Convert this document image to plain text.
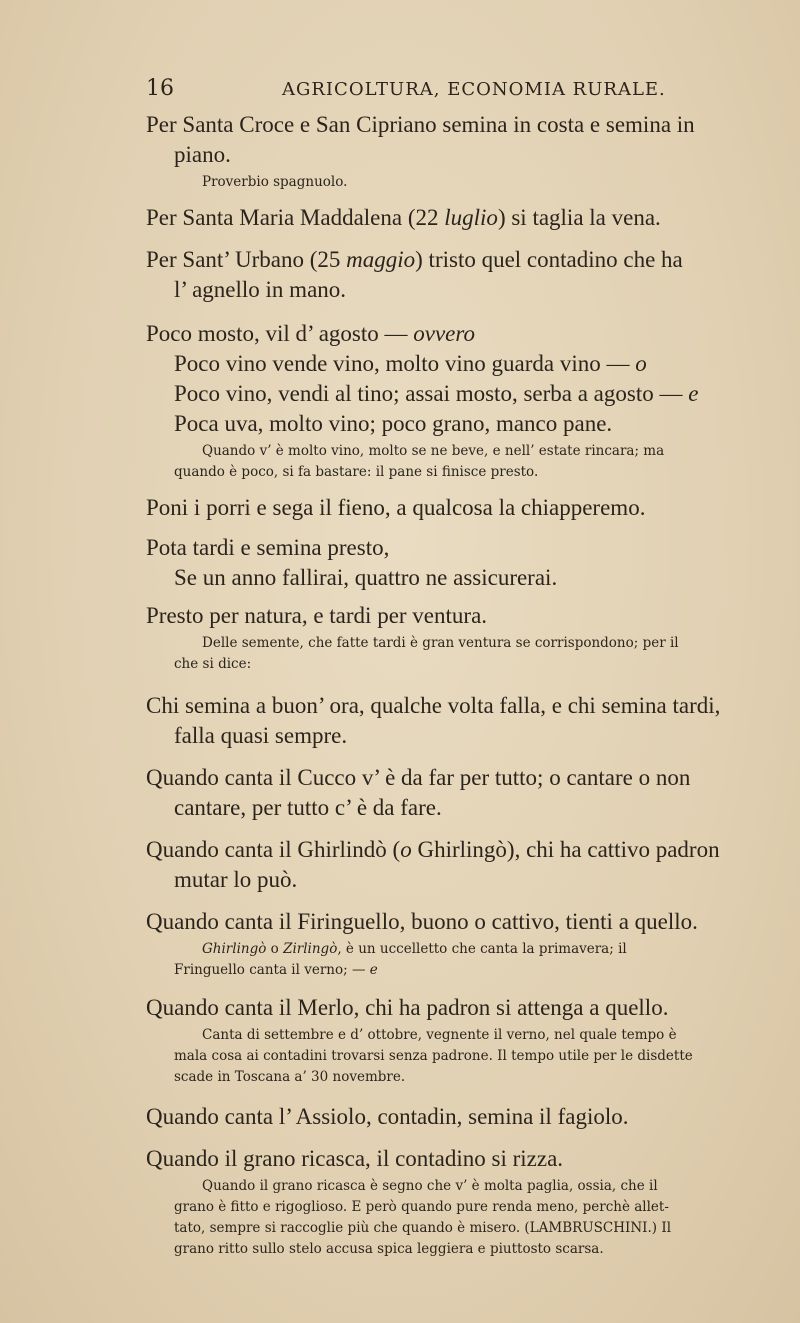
16	AGRICOLTURA, ECONOMIA RURALE.
Per Santa Croce e San Cipriano semina in costa e semina in
piano.
Proverbio spagnuolo.
Per Santa Maria Maddalena (22 luglio) si taglia la vena.
Per Sant’ Urbano (25 maggio) tristo quel contadino che ha
l’ agnello in mano.
Poco mosto, vil d’ agosto — ovvero
Poco vino vende vino, molto vino guarda vino — o
Poco vino, vendi al tino; assai mosto, serba a agosto — e
Poca uva, molto vino; poco grano, manco pane.
Quando v’ è molto vino, molto se ne beve, e nell’ estate rincara; ma
quando è poco, si fa bastare: il pane si finisce presto.
Poni i porri e sega il fieno, a qualcosa la chiapperemo.
Pota tardi e semina presto,
Se un anno fallirai, quattro ne assicurerai.
Presto per natura, e tardi per ventura.
Delle semente, che fatte tardi è gran ventura se corrispondono; per il
che si dice:
Chi semina a buon’ ora, qualche volta falla, e chi semina tardi,
falla quasi sempre.
Quando canta il Cucco v’ è da far per tutto; o cantare o non
cantare, per tutto c’ è da fare.
Quando canta il Ghirlindò (o Ghirlingò), chi ha cattivo padron
mutar lo può.
Quando canta il Firinguello, buono o cattivo, tienti a quello.
Ghirlingò o Zirlingò, è un uccelletto che canta la primavera; il
Fringuello canta il verno; — e
Quando canta il Merlo, chi ha padron si attenga a quello.
Canta di settembre e d’ ottobre, vegnente il verno, nel quale tempo è
mala cosa ai contadini trovarsi senza padrone. Il tempo utile per le disdette
scade in Toscana a’ 30 novembre.
Quando canta l’ Assiolo, contadin, semina il fagiolo.
Quando il grano ricasca, il contadino si rizza.
Quando il grano ricasca è segno che v’ è molta paglia, ossia, che il
grano è fitto e rigoglioso. E però quando pure renda meno, perchè allet-
tato, sempre si raccoglie più che quando è misero. (LAMBRUSCHINI.) Il
grano ritto sullo stelo accusa spica leggiera e piuttosto scarsa.
